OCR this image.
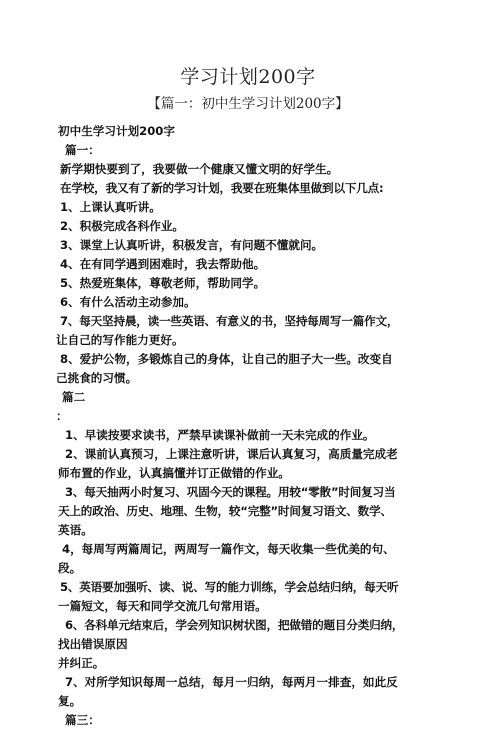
学习计划200字
【篇一：初中生学习计划200字】
初中生学习计划200字
篇一：
新学期快要到了，我要做一个健康又懂文明的好学生。
在学校，我又有了新的学习计划，我要在班集体里做到以下几点:
1、上课认真听讲。
2、积极完成各科作业。
3、课堂上认真听讲，积极发言，有问题不懂就问。
4、在有同学遇到困难时，我去帮助他。
5、热爱班集体，尊敬老师，帮助同学。
6、有什么活动主动参加。
7、每天坚持晨，读一些英语、有意义的书，坚持每周写一篇作文，
让自己的写作能力更好。
8、爱护公物，多锻炼自己的身体，让自己的胆子大一些。改变自
己挑食的习惯。
篇二
：
1、早读按要求读书，严禁早读课补做前一天未完成的作业。
2、课前认真预习，上课注意听讲，课后认真复习，高质量完成老
师布置的作业，认真搞懂并订正做错的作业。
3、每天抽两小时复习、巩固今天的课程。用较“零散”时间复习当
天上的政治、历史、地理、生物，较“完整”时间复习语文、数学、
英语。
4，每周写两篇周记，两周写一篇作文，每天收集一些优美的句、
段。
5、英语要加强听、读、说、写的能力训练，学会总结归纳，每天听
一篇短文，每天和同学交流几句常用语。
6、各科单元结束后，学会列知识树状图，把做错的题目分类归纳，
找出错误原因
并纠正。
7、对所学知识每周一总结，每月一归纳，每两月一排查，如此反
复。
篇三：
